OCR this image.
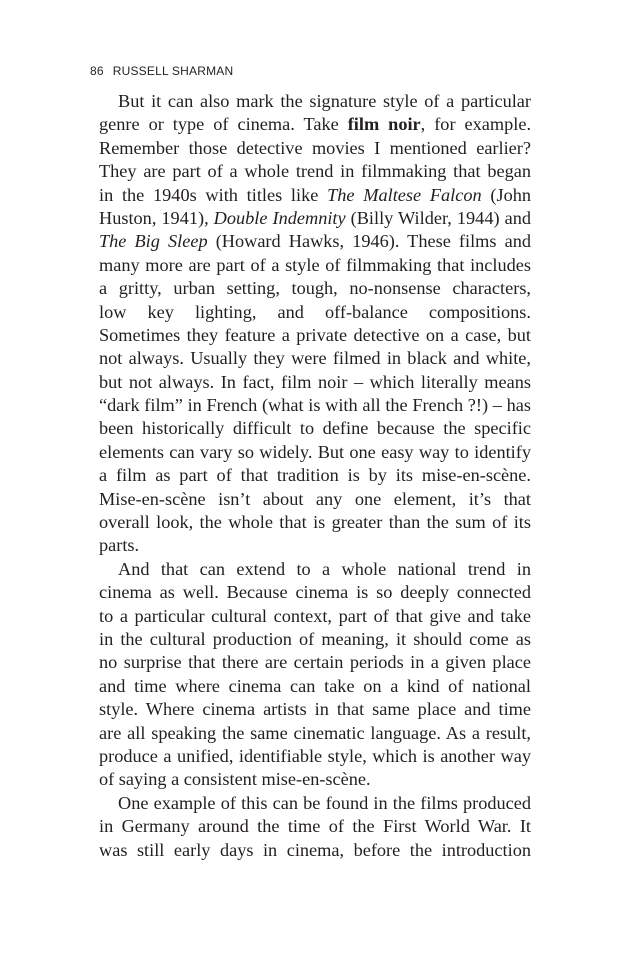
86 RUSSELL SHARMAN
But it can also mark the signature style of a particular
genre or type of cinema. Take film noir, for example.
Remember those detective movies I mentioned earlier?
They are part of a whole trend in filmmaking that began
in the 1940s with titles like The Maltese Falcon (John
Huston, 1941), Double Indemnity (Billy Wilder, 1944) and
The Big Sleep (Howard Hawks, 1946). These films and
many more are part of a style of filmmaking that includes
a gritty, urban setting, tough, no-nonsense characters,
low key lighting, and off-balance compositions.
Sometimes they feature a private detective on a case, but
not always. Usually they were filmed in black and white,
but not always. In fact, film noir – which literally means
“dark film” in French (what is with all the French ?!) – has
been historically difficult to define because the specific
elements can vary so widely. But one easy way to identify
a film as part of that tradition is by its mise-en-scène.
Mise-en-scène isn’t about any one element, it’s that
overall look, the whole that is greater than the sum of its
parts.
And that can extend to a whole national trend in
cinema as well. Because cinema is so deeply connected
to a particular cultural context, part of that give and take
in the cultural production of meaning, it should come as
no surprise that there are certain periods in a given place
and time where cinema can take on a kind of national
style. Where cinema artists in that same place and time
are all speaking the same cinematic language. As a result,
produce a unified, identifiable style, which is another way
of saying a consistent mise-en-scène.
One example of this can be found in the films produced
in Germany around the time of the First World War. It
was still early days in cinema, before the introduction
